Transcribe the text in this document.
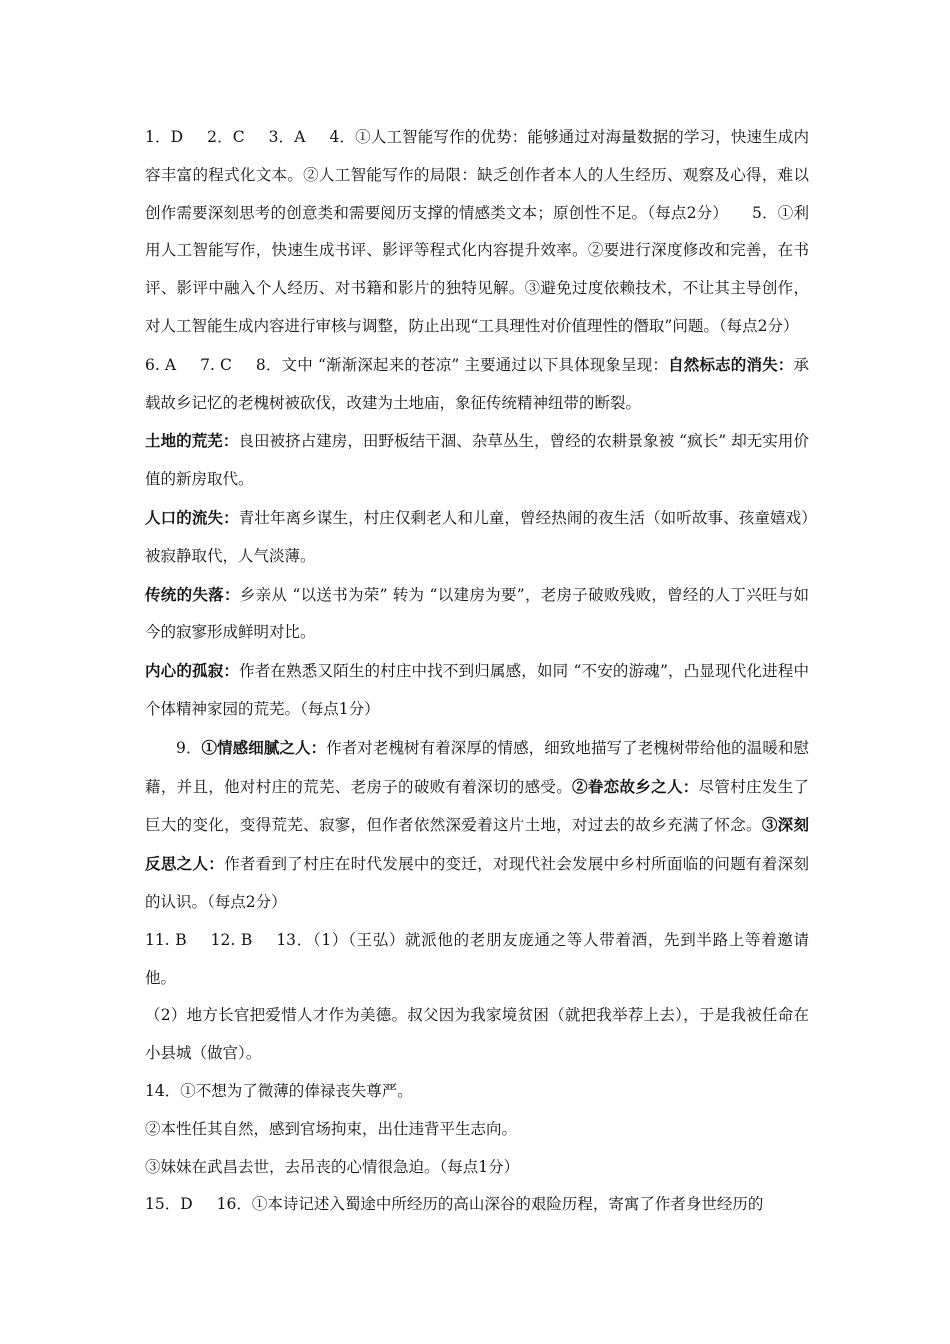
1．D 2．C 3．A 4．①人工智能写作的优势：能够通过对海量数据的学习，快速生成内容丰富的程式化文本。②人工智能写作的局限：缺乏创作者本人的人生经历、观察及心得，难以创作需要深刻思考的创意类和需要阅历支撑的情感类文本；原创性不足。（每点2分） 5．①利用人工智能写作，快速生成书评、影评等程式化内容提升效率。②要进行深度修改和完善，在书评、影评中融入个人经历、对书籍和影片的独特见解。③避免过度依赖技术，不让其主导创作，对人工智能生成内容进行审核与调整，防止出现“工具理性对价值理性的僭取”问题。（每点2分）

6. A 7. C 8．文中 “渐渐深起来的苍凉” 主要通过以下具体现象呈现：自然标志的消失：承载故乡记忆的老槐树被砍伐，改建为土地庙，象征传统精神纽带的断裂。

土地的荒芜：良田被挤占建房，田野板结干涸、杂草丛生，曾经的农耕景象被 “疯长” 却无实用价值的新房取代。

人口的流失：青壮年离乡谋生，村庄仅剩老人和儿童，曾经热闹的夜生活（如听故事、孩童嬉戏）被寂静取代，人气淡薄。

传统的失落：乡亲从 “以送书为荣” 转为 “以建房为要”，老房子破败残败，曾经的人丁兴旺与如今的寂寥形成鲜明对比。

内心的孤寂：作者在熟悉又陌生的村庄中找不到归属感，如同 “不安的游魂”，凸显现代化进程中个体精神家园的荒芜。（每点1分）

9．①情感细腻之人：作者对老槐树有着深厚的情感，细致地描写了老槐树带给他的温暖和慰藉，并且，他对村庄的荒芜、老房子的破败有着深切的感受。②眷恋故乡之人：尽管村庄发生了巨大的变化，变得荒芜、寂寥，但作者依然深爱着这片土地，对过去的故乡充满了怀念。③深刻反思之人：作者看到了村庄在时代发展中的变迁，对现代社会发展中乡村所面临的问题有着深刻的认识。（每点2分）

11. B 12. B 13．（1）（王弘）就派他的老朋友庞通之等人带着酒，先到半路上等着邀请他。

（2）地方长官把爱惜人才作为美德。叔父因为我家境贫困（就把我举荐上去），于是我被任命在小县城（做官）。

14．①不想为了微薄的俸禄丧失尊严。

②本性任其自然，感到官场拘束，出仕违背平生志向。

③妹妹在武昌去世，去吊丧的心情很急迫。（每点1分）

15．D 16．①本诗记述入蜀途中所经历的高山深谷的艰险历程，寄寓了作者身世经历的
